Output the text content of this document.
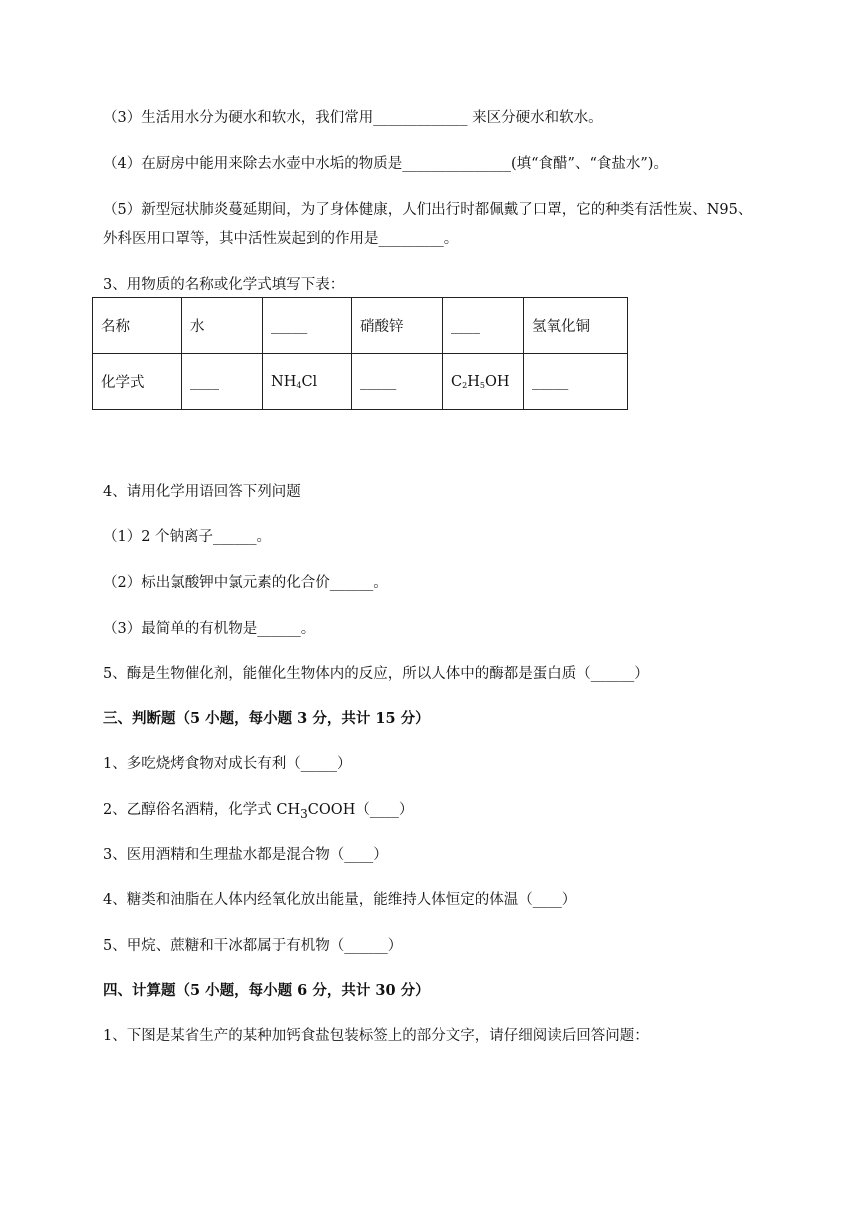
（3）生活用水分为硬水和软水，我们常用_____________ 来区分硬水和软水。
（4）在厨房中能用来除去水壶中水垢的物质是_______________(填“食醋”、“食盐水”)。
（5）新型冠状肺炎蔓延期间，为了身体健康，人们出行时都佩戴了口罩，它的种类有活性炭、N95、
外科医用口罩等，其中活性炭起到的作用是_________。
3、用物质的名称或化学式填写下表：
名称	水	_____	硝酸锌	____	氢氧化铜
化学式	____	$NH_4Cl$	_____	$C_2H_5OH$	_____
4、请用化学用语回答下列问题
（1）2 个钠离子______。
（2）标出氯酸钾中氯元素的化合价______。
（3）最简单的有机物是______。
5、酶是生物催化剂，能催化生物体内的反应，所以人体中的酶都是蛋白质（______）
三、判断题（5 小题，每小题 3 分，共计 15 分）
1、多吃烧烤食物对成长有利（_____）
2、乙醇俗名酒精，化学式 $CH_3COOH(\_\_\_\_)$
3、医用酒精和生理盐水都是混合物（____）
4、糖类和油脂在人体内经氧化放出能量，能维持人体恒定的体温（____）
5、甲烷、蔗糖和干冰都属于有机物（______）
四、计算题（5 小题，每小题 6 分，共计 30 分）
1、下图是某省生产的某种加钙食盐包装标签上的部分文字，请仔细阅读后回答问题：
